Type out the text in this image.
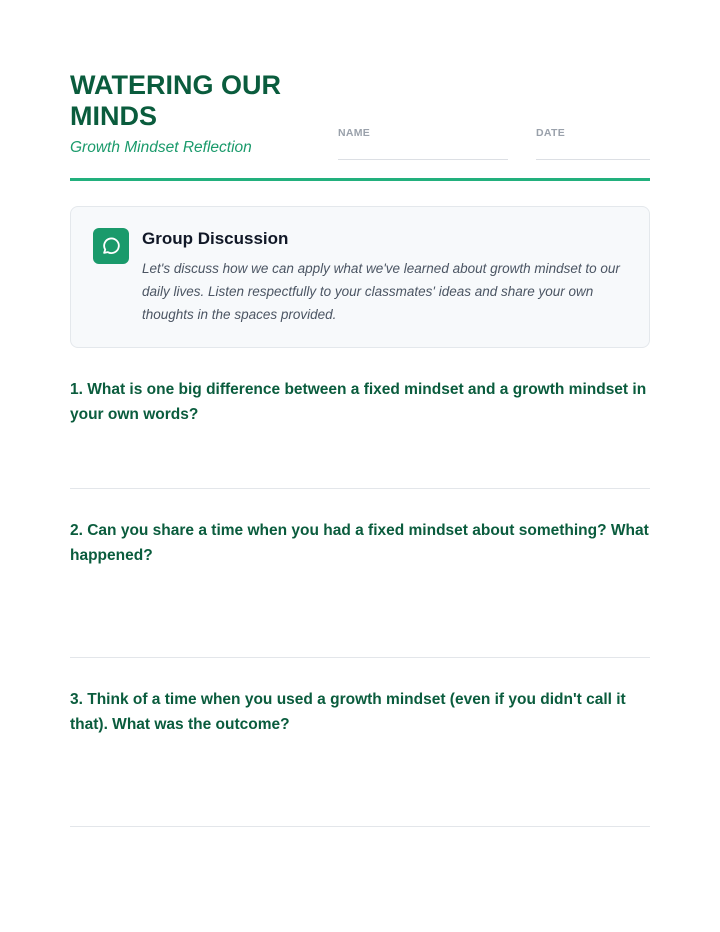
WATERING OUR MINDS
Growth Mindset Reflection
NAME	DATE
Group Discussion
Let's discuss how we can apply what we've learned about growth mindset to our daily lives. Listen respectfully to your classmates' ideas and share your own thoughts in the spaces provided.

1. What is one big difference between a fixed mindset and a growth mindset in your own words?

2. Can you share a time when you had a fixed mindset about something? What happened?

3. Think of a time when you used a growth mindset (even if you didn't call it that). What was the outcome?
